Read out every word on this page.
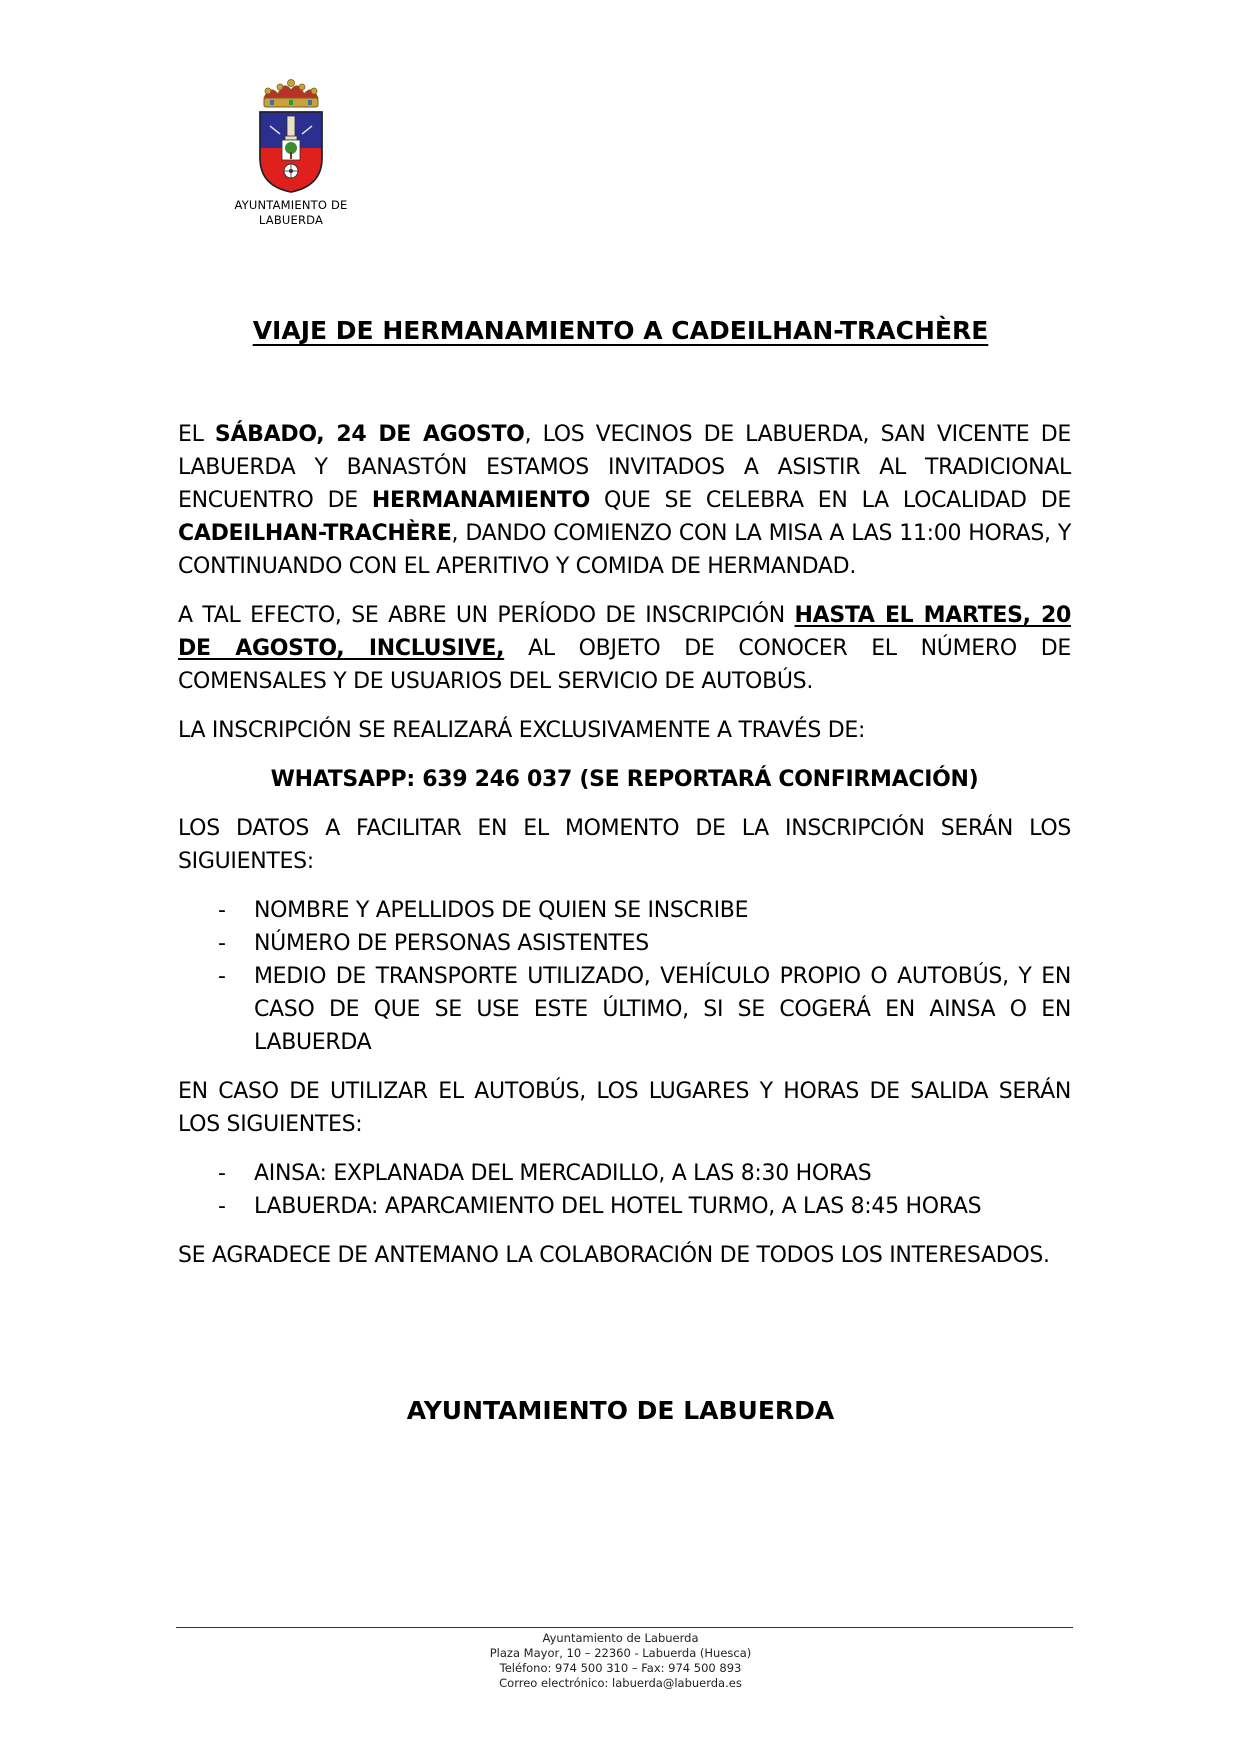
AYUNTAMIENTO DE
LABUERDA
VIAJE DE HERMANAMIENTO A CADEILHAN-TRACHÈRE

EL SÁBADO, 24 DE AGOSTO, LOS VECINOS DE LABUERDA, SAN VICENTE DE LABUERDA Y BANASTÓN ESTAMOS INVITADOS A ASISTIR AL TRADICIONAL ENCUENTRO DE HERMANAMIENTO QUE SE CELEBRA EN LA LOCALIDAD DE CADEILHAN-TRACHÈRE, DANDO COMIENZO CON LA MISA A LAS 11:00 HORAS, Y CONTINUANDO CON EL APERITIVO Y COMIDA DE HERMANDAD.

A TAL EFECTO, SE ABRE UN PERÍODO DE INSCRIPCIÓN HASTA EL MARTES, 20 DE AGOSTO, INCLUSIVE, AL OBJETO DE CONOCER EL NÚMERO DE COMENSALES Y DE USUARIOS DEL SERVICIO DE AUTOBÚS.

LA INSCRIPCIÓN SE REALIZARÁ EXCLUSIVAMENTE A TRAVÉS DE:

WHATSAPP: 639 246 037 (SE REPORTARÁ CONFIRMACIÓN)

LOS DATOS A FACILITAR EN EL MOMENTO DE LA INSCRIPCIÓN SERÁN LOS SIGUIENTES:

- NOMBRE Y APELLIDOS DE QUIEN SE INSCRIBE
- NÚMERO DE PERSONAS ASISTENTES
- MEDIO DE TRANSPORTE UTILIZADO, VEHÍCULO PROPIO O AUTOBÚS, Y EN CASO DE QUE SE USE ESTE ÚLTIMO, SI SE COGERÁ EN AINSA O EN LABUERDA

EN CASO DE UTILIZAR EL AUTOBÚS, LOS LUGARES Y HORAS DE SALIDA SERÁN LOS SIGUIENTES:

- AINSA: EXPLANADA DEL MERCADILLO, A LAS 8:30 HORAS
- LABUERDA: APARCAMIENTO DEL HOTEL TURMO, A LAS 8:45 HORAS

SE AGRADECE DE ANTEMANO LA COLABORACIÓN DE TODOS LOS INTERESADOS.

AYUNTAMIENTO DE LABUERDA
Ayuntamiento de Labuerda
Plaza Mayor, 10 – 22360 - Labuerda (Huesca)
Teléfono: 974 500 310 – Fax: 974 500 893
Correo electrónico: labuerda@labuerda.es
